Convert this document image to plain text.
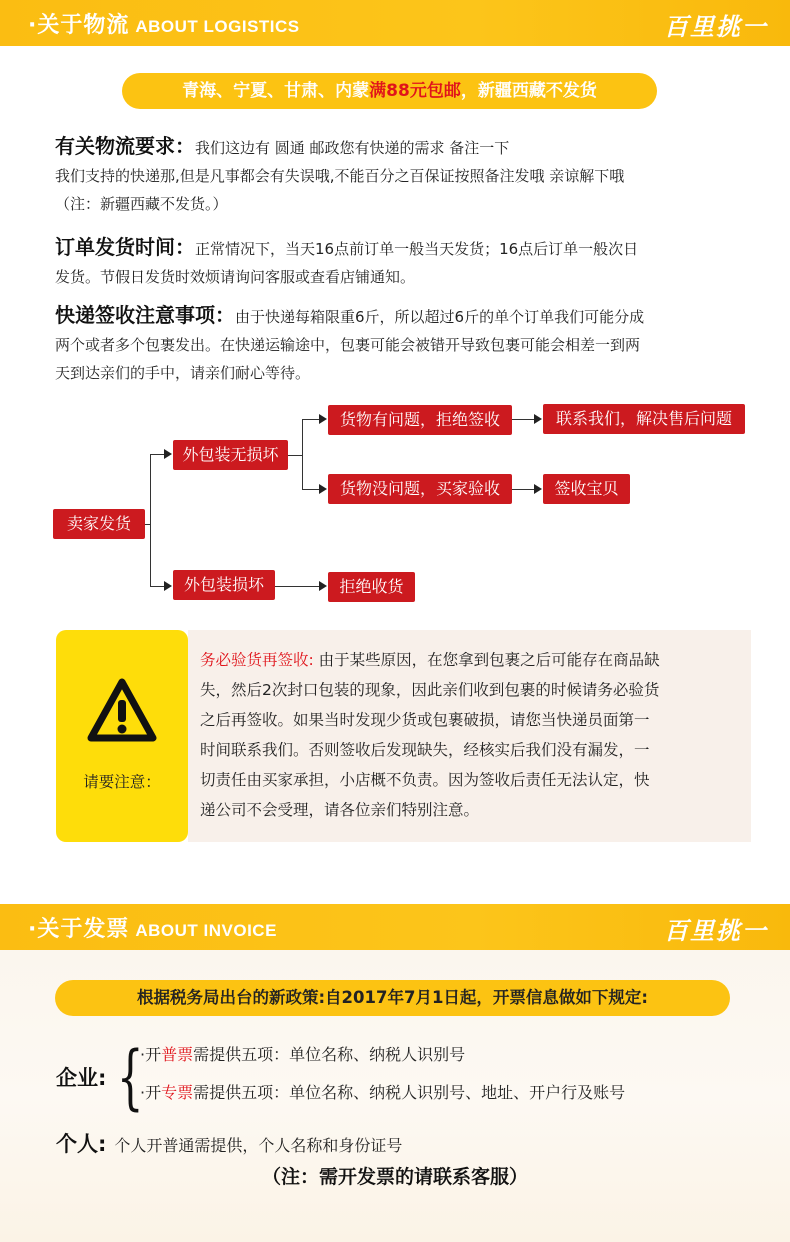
·关于物流 ABOUT LOGISTICS	百里挑一
青海、宁夏、甘肃、内蒙满88元包邮，新疆西藏不发货
有关物流要求：我们这边有 圆通 邮政您有快递的需求 备注一下
我们支持的快递那,但是凡事都会有失误哦,不能百分之百保证按照备注发哦 亲谅解下哦
（注：新疆西藏不发货。）
订单发货时间：正常情况下，当天16点前订单一般当天发货；16点后订单一般次日
发货。节假日发货时效烦请询问客服或查看店铺通知。
快递签收注意事项：由于快递每箱限重6斤，所以超过6斤的单个订单我们可能分成
两个或者多个包裹发出。在快递运输途中，包裹可能会被错开导致包裹可能会相差一到两
天到达亲们的手中，请亲们耐心等待。
卖家发货
外包装无损坏
外包装损坏
货物有问题，拒绝签收
货物没问题，买家验收
联系我们，解决售后问题
签收宝贝
拒绝收货
请要注意：
务必验货再签收: 由于某些原因，在您拿到包裹之后可能存在商品缺
失，然后2次封口包装的现象，因此亲们收到包裹的时候请务必验货
之后再签收。如果当时发现少货或包裹破损，请您当快递员面第一
时间联系我们。否则签收后发现缺失，经核实后我们没有漏发，一
切责任由买家承担，小店概不负责。因为签收后责任无法认定，快
递公司不会受理，请各位亲们特别注意。
·关于发票 ABOUT INVOICE	百里挑一
根据税务局出台的新政策:自2017年7月1日起，开票信息做如下规定:
企业: {
·开普票需提供五项：单位名称、纳税人识别号
·开专票需提供五项：单位名称、纳税人识别号、地址、开户行及账号
个人: 个人开普通需提供，个人名称和身份证号
（注：需开发票的请联系客服）
